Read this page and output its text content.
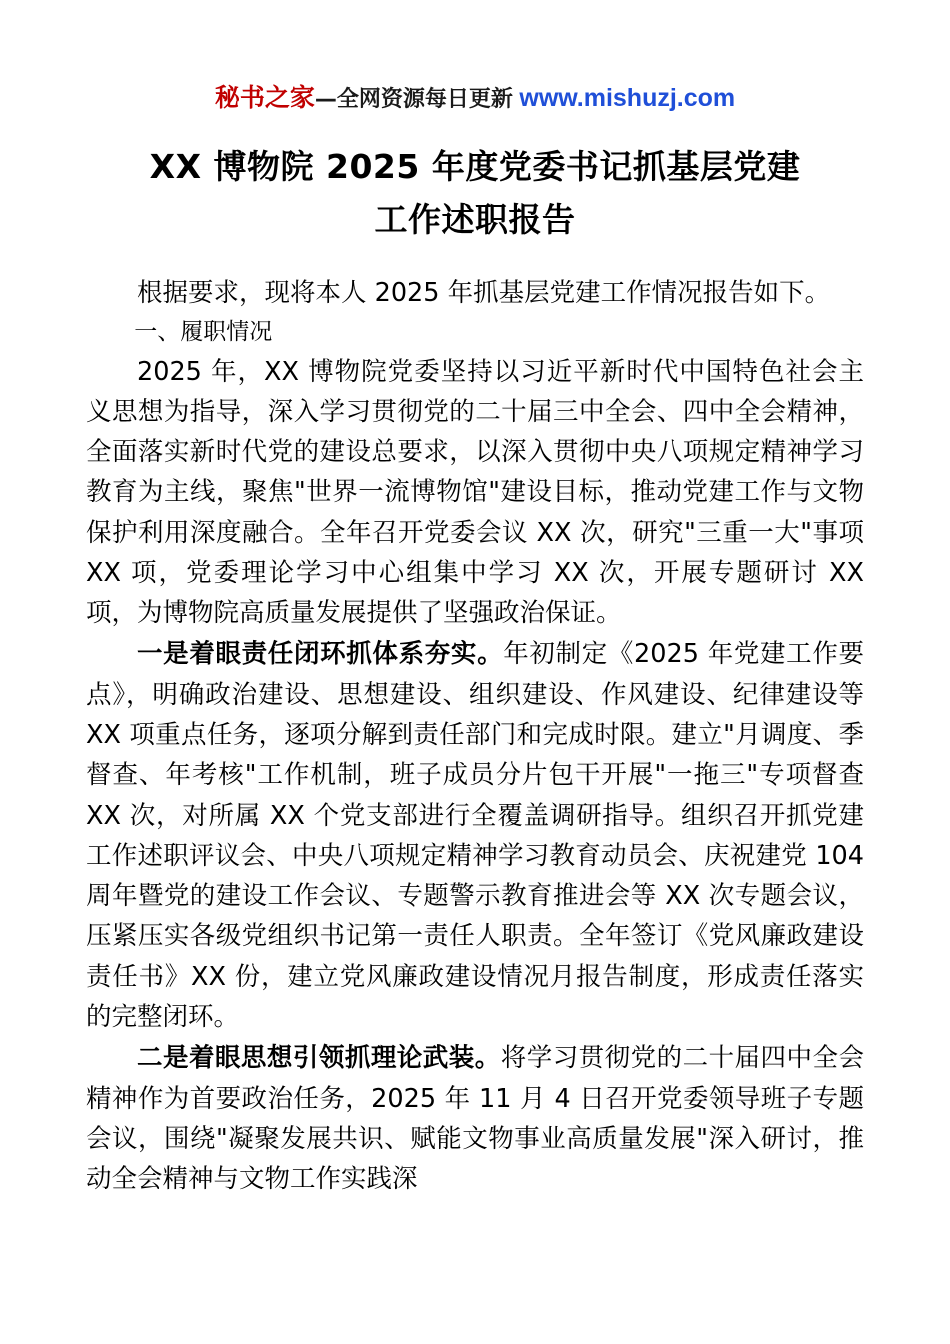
秘书之家—全网资源每日更新 www.mishuzj.com
XX 博物院 2025 年度党委书记抓基层党建
工作述职报告

根据要求，现将本人 2025 年抓基层党建工作情况报告如下。

一、履职情况

2025 年，XX 博物院党委坚持以习近平新时代中国特色社会主义思想为指导，深入学习贯彻党的二十届三中全会、四中全会精神，全面落实新时代党的建设总要求，以深入贯彻中央八项规定精神学习教育为主线，聚焦"世界一流博物馆"建设目标，推动党建工作与文物保护利用深度融合。全年召开党委会议 XX 次，研究"三重一大"事项 XX 项，党委理论学习中心组集中学习 XX 次，开展专题研讨 XX 项，为博物院高质量发展提供了坚强政治保证。

一是着眼责任闭环抓体系夯实。年初制定《2025 年党建工作要点》，明确政治建设、思想建设、组织建设、作风建设、纪律建设等 XX 项重点任务，逐项分解到责任部门和完成时限。建立"月调度、季督查、年考核"工作机制，班子成员分片包干开展"一拖三"专项督查 XX 次，对所属 XX 个党支部进行全覆盖调研指导。组织召开抓党建工作述职评议会、中央八项规定精神学习教育动员会、庆祝建党 104 周年暨党的建设工作会议、专题警示教育推进会等 XX 次专题会议，压紧压实各级党组织书记第一责任人职责。全年签订《党风廉政建设责任书》XX 份，建立党风廉政建设情况月报告制度，形成责任落实的完整闭环。

二是着眼思想引领抓理论武装。将学习贯彻党的二十届四中全会精神作为首要政治任务，2025 年 11 月 4 日召开党委领导班子专题会议，围绕"凝聚发展共识、赋能文物事业高质量发展"深入研讨，推动全会精神与文物工作实践深
